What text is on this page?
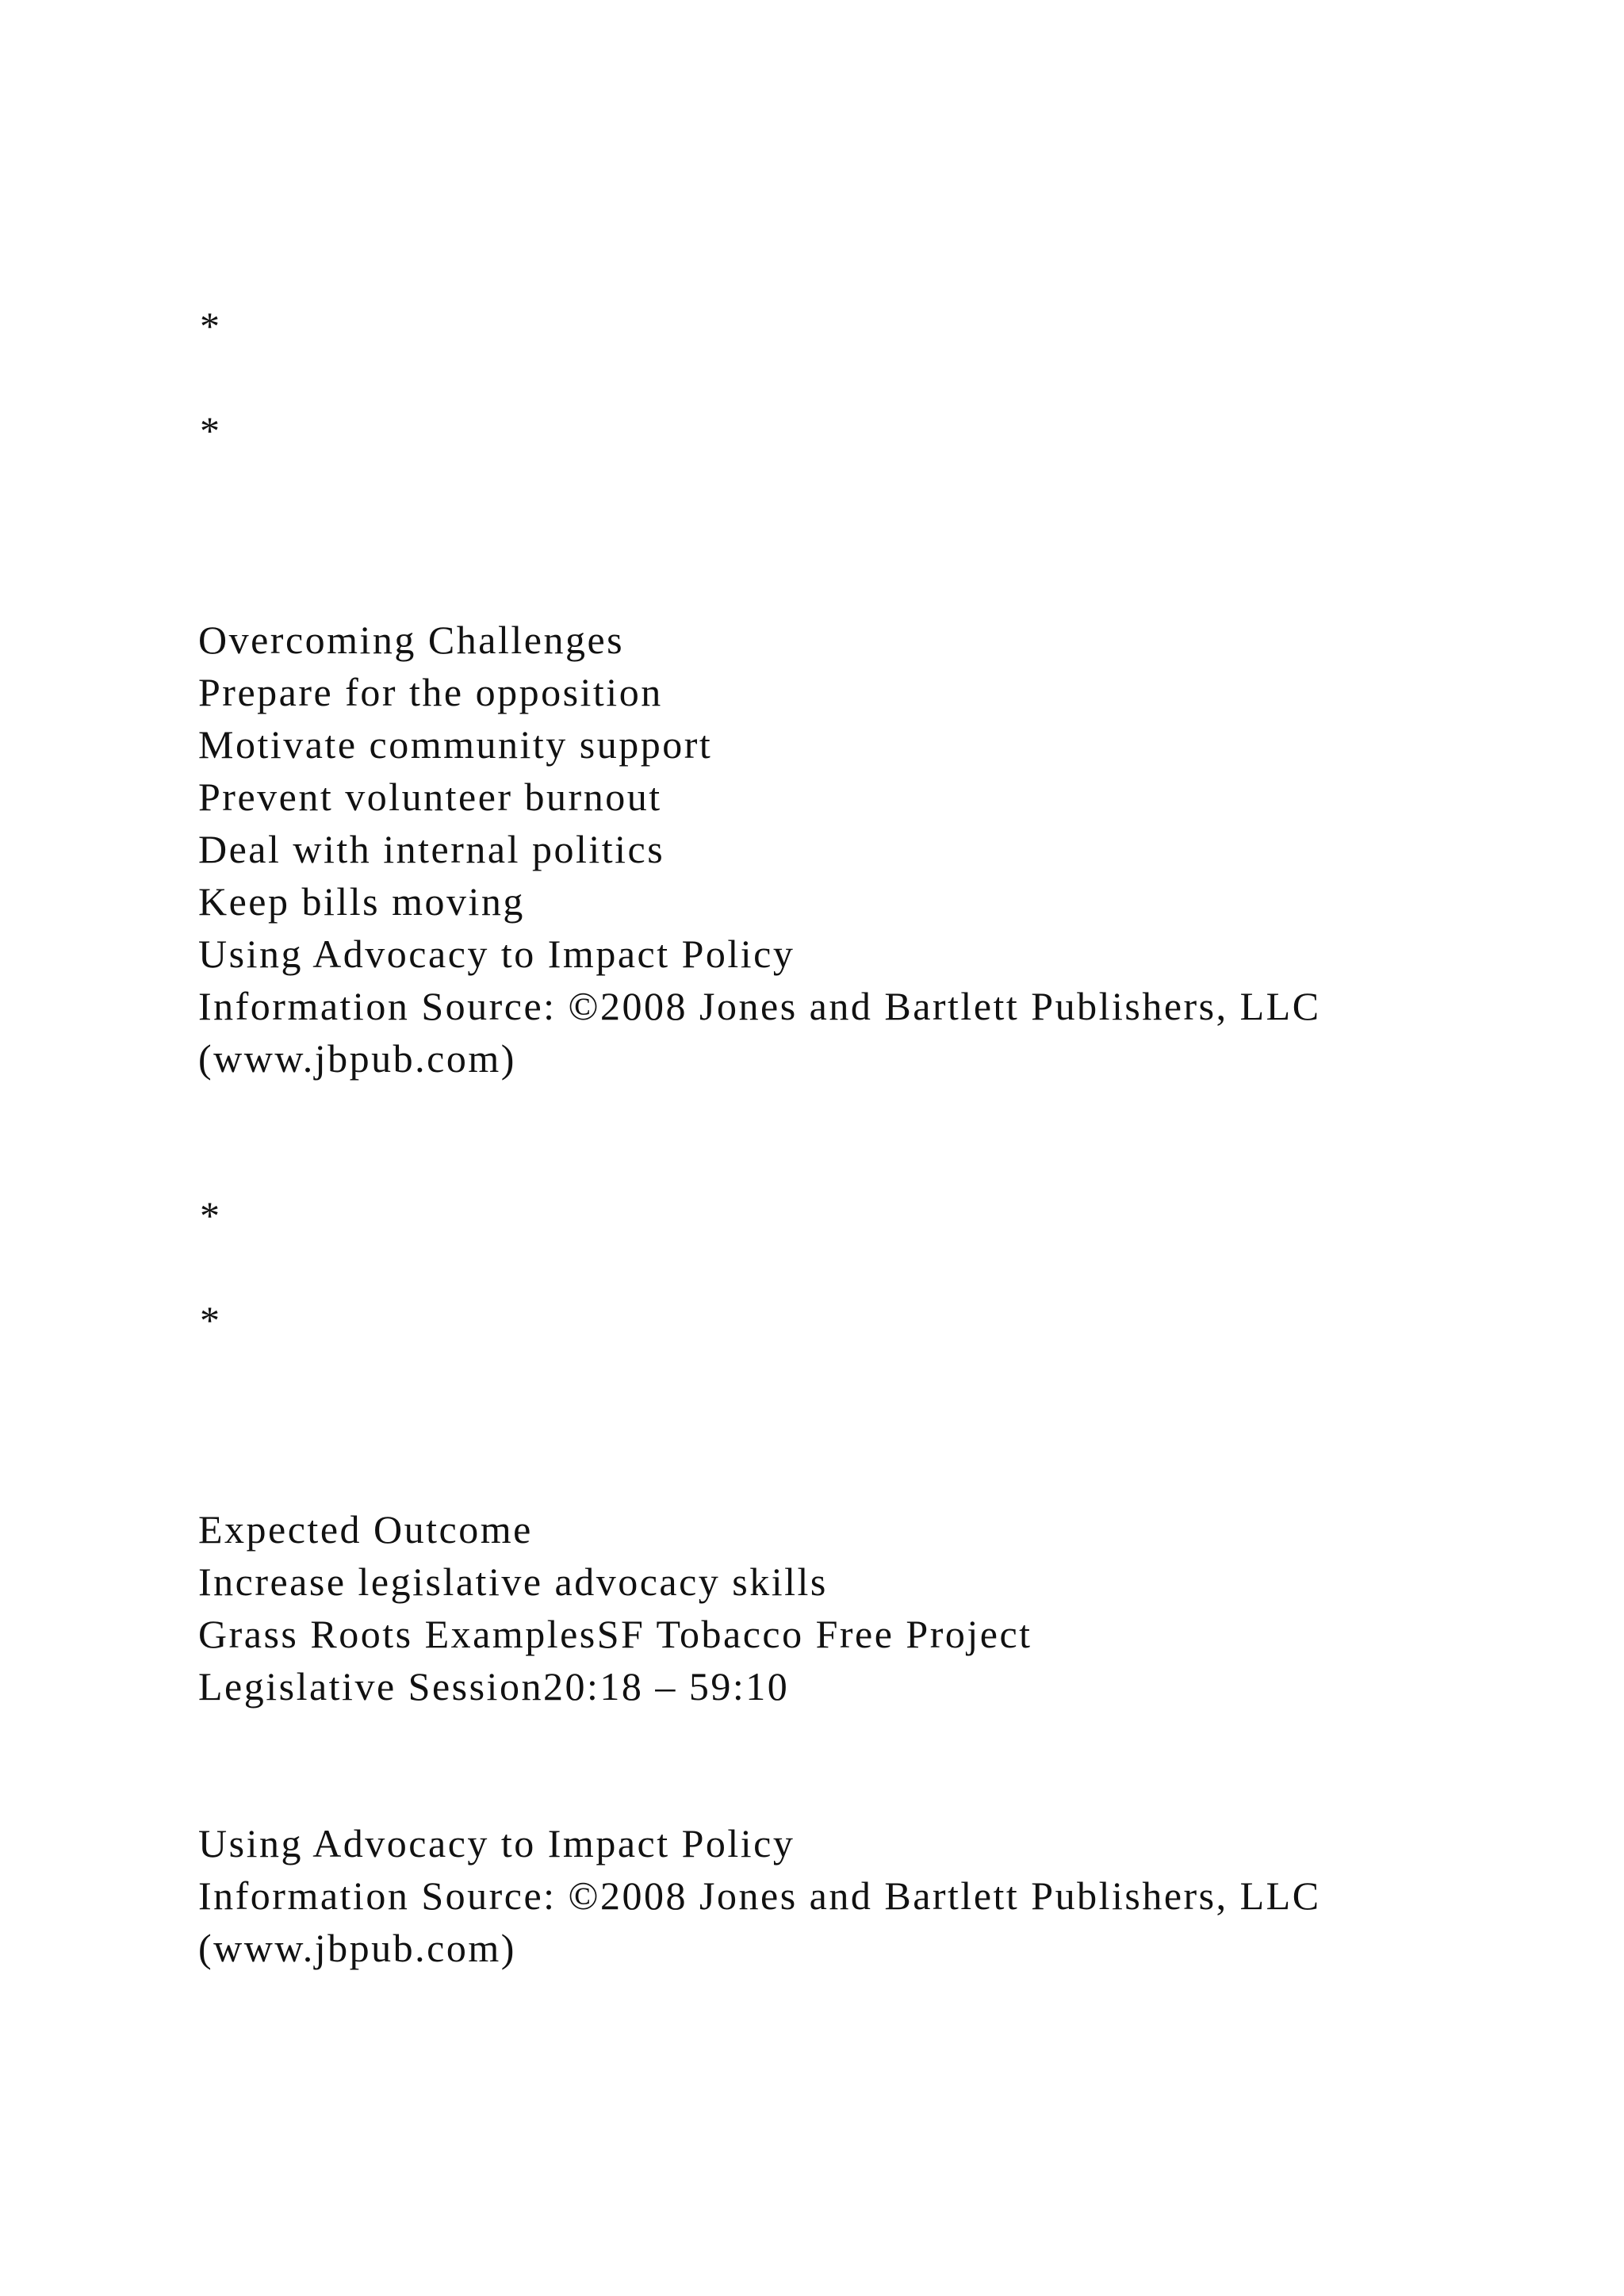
*
*
Overcoming Challenges
Prepare for the opposition
Motivate community support
Prevent volunteer burnout
Deal with internal politics
Keep bills moving
Using Advocacy to Impact Policy
Information Source: ©2008 Jones and Bartlett Publishers, LLC
(www.jbpub.com)
*
*
Expected Outcome
Increase legislative advocacy skills
Grass Roots ExamplesSF Tobacco Free Project
Legislative Session20:18 – 59:10
Using Advocacy to Impact Policy
Information Source: ©2008 Jones and Bartlett Publishers, LLC
(www.jbpub.com)
